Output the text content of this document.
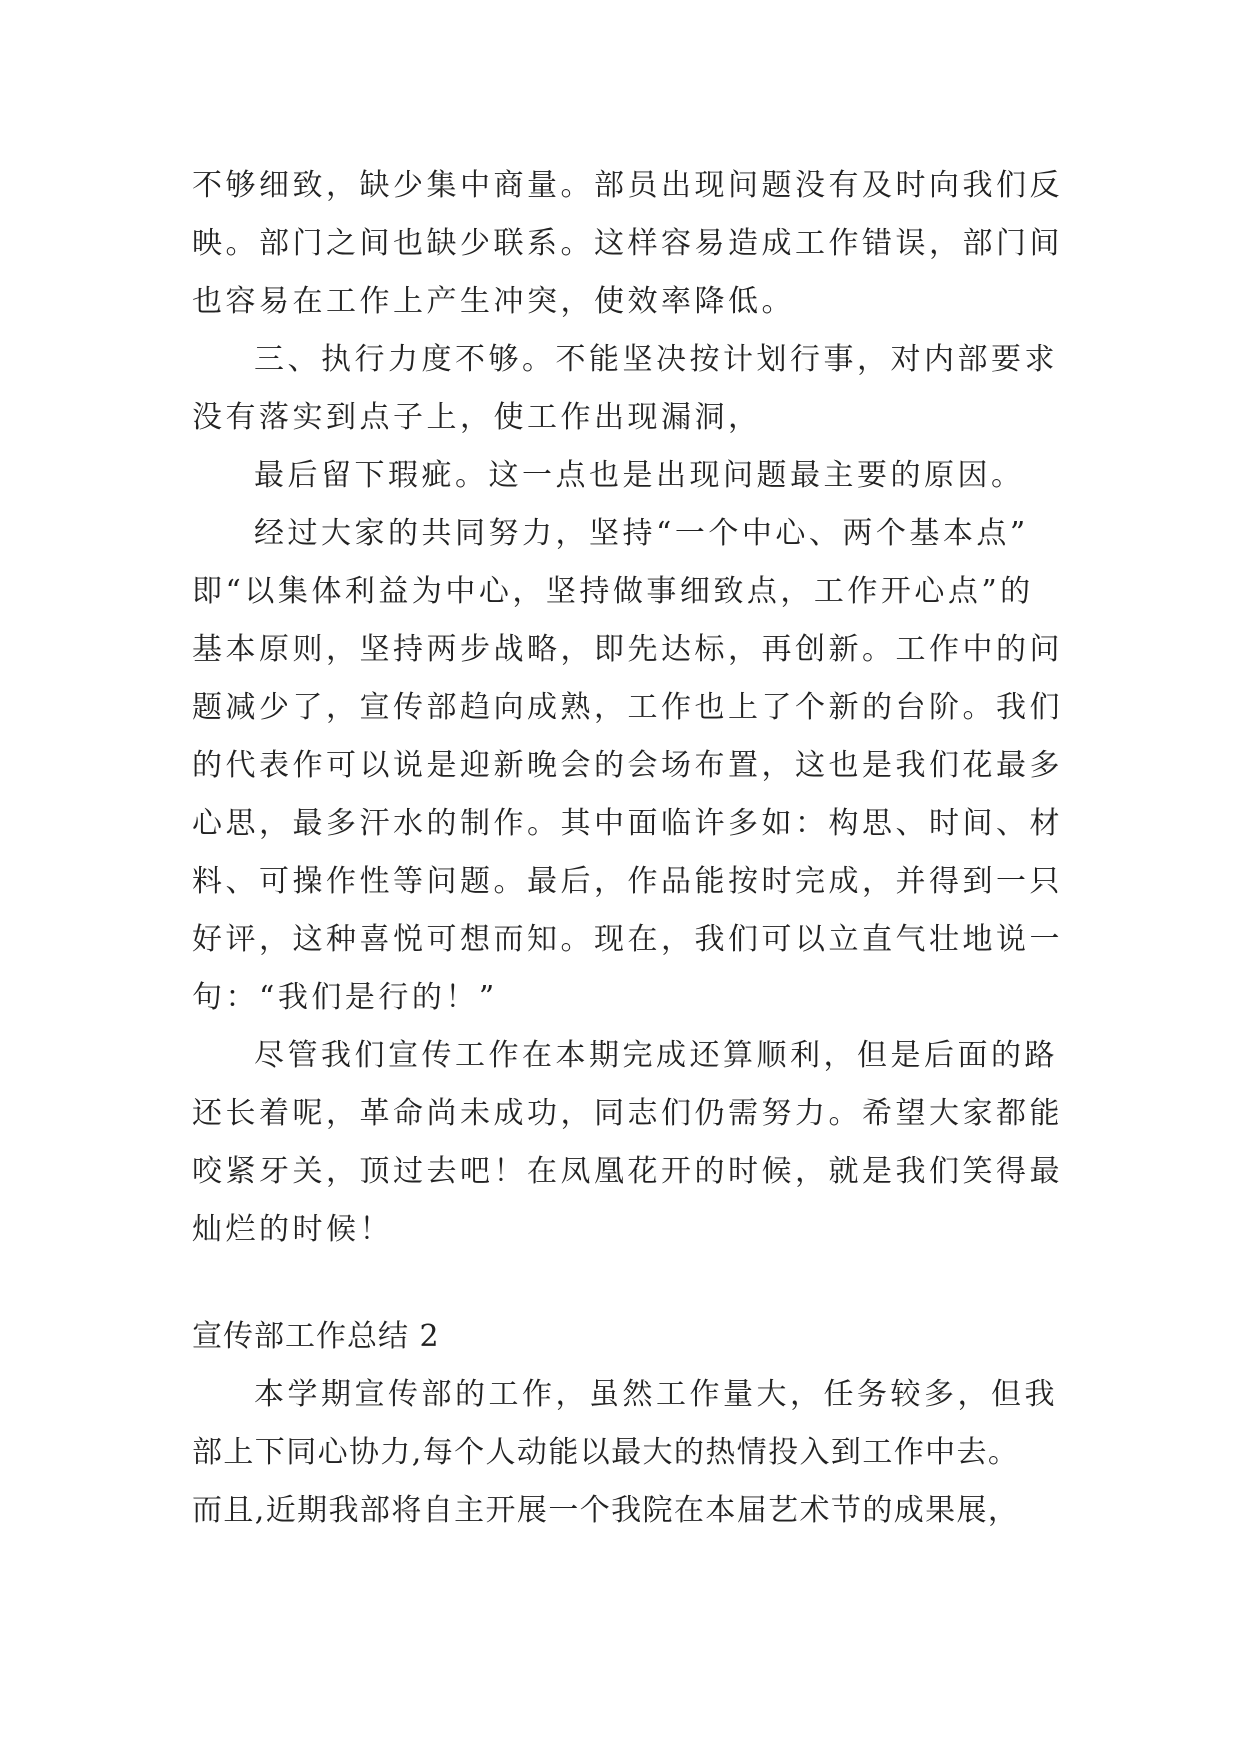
不够细致，缺少集中商量。部员出现问题没有及时向我们反
映。部门之间也缺少联系。这样容易造成工作错误，部门间
也容易在工作上产生冲突，使效率降低。
三、执行力度不够。不能坚决按计划行事，对内部要求
没有落实到点子上，使工作出现漏洞，
最后留下瑕疵。这一点也是出现问题最主要的原因。
经过大家的共同努力，坚持“一个中心、两个基本点”
即“以集体利益为中心，坚持做事细致点，工作开心点”的
基本原则，坚持两步战略，即先达标，再创新。工作中的问
题减少了，宣传部趋向成熟，工作也上了个新的台阶。我们
的代表作可以说是迎新晚会的会场布置，这也是我们花最多
心思，最多汗水的制作。其中面临许多如：构思、时间、材
料、可操作性等问题。最后，作品能按时完成，并得到一只
好评，这种喜悦可想而知。现在，我们可以立直气壮地说一
句：“我们是行的！”
尽管我们宣传工作在本期完成还算顺利，但是后面的路
还长着呢，革命尚未成功，同志们仍需努力。希望大家都能
咬紧牙关，顶过去吧！在凤凰花开的时候，就是我们笑得最
灿烂的时候！
宣传部工作总结 2
本学期宣传部的工作，虽然工作量大，任务较多，但我
部上下同心协力,每个人动能以最大的热情投入到工作中去。
而且,近期我部将自主开展一个我院在本届艺术节的成果展，
